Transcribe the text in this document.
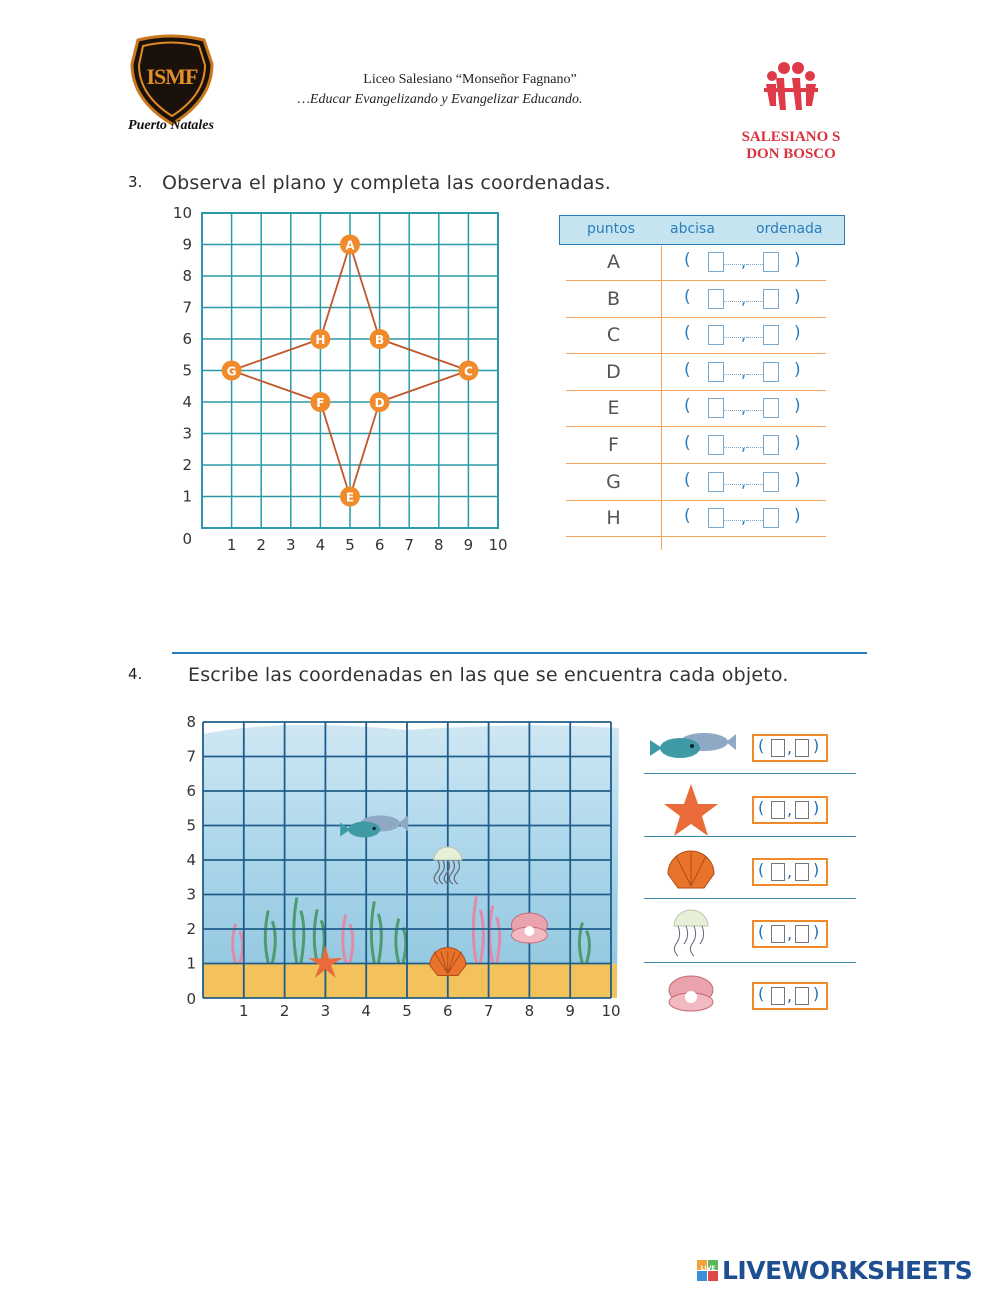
ISMF
Puerto Natales
Liceo Salesiano “Monseñor Fagnano”
…Educar Evangelizando y Evangelizar Educando.
SALESIANO S
DON BOSCO
3. Observa el plano y completa las coordenadas.
1 2 3 4 5 6 7 8 9 10
1
2
3
4
5
6
7
8
9
10
0
A
B
C
D
E
F
G
H
puntos	abcisa	ordenada
A	(	,	)
B	(	,	)
C	(	,	)
D	(	,	)
E	(	,	)
F	(	,	)
G	(	,	)
H	(	,	)
4. Escribe las coordenadas en las que se encuentra cada objeto.
1 2 3 4 5 6 7 8 9 10
1
2
3
4
5
6
7
8
0
( , )
( , )
( , )
( , )
( , )
LIVE LIVEWORKSHEETS
